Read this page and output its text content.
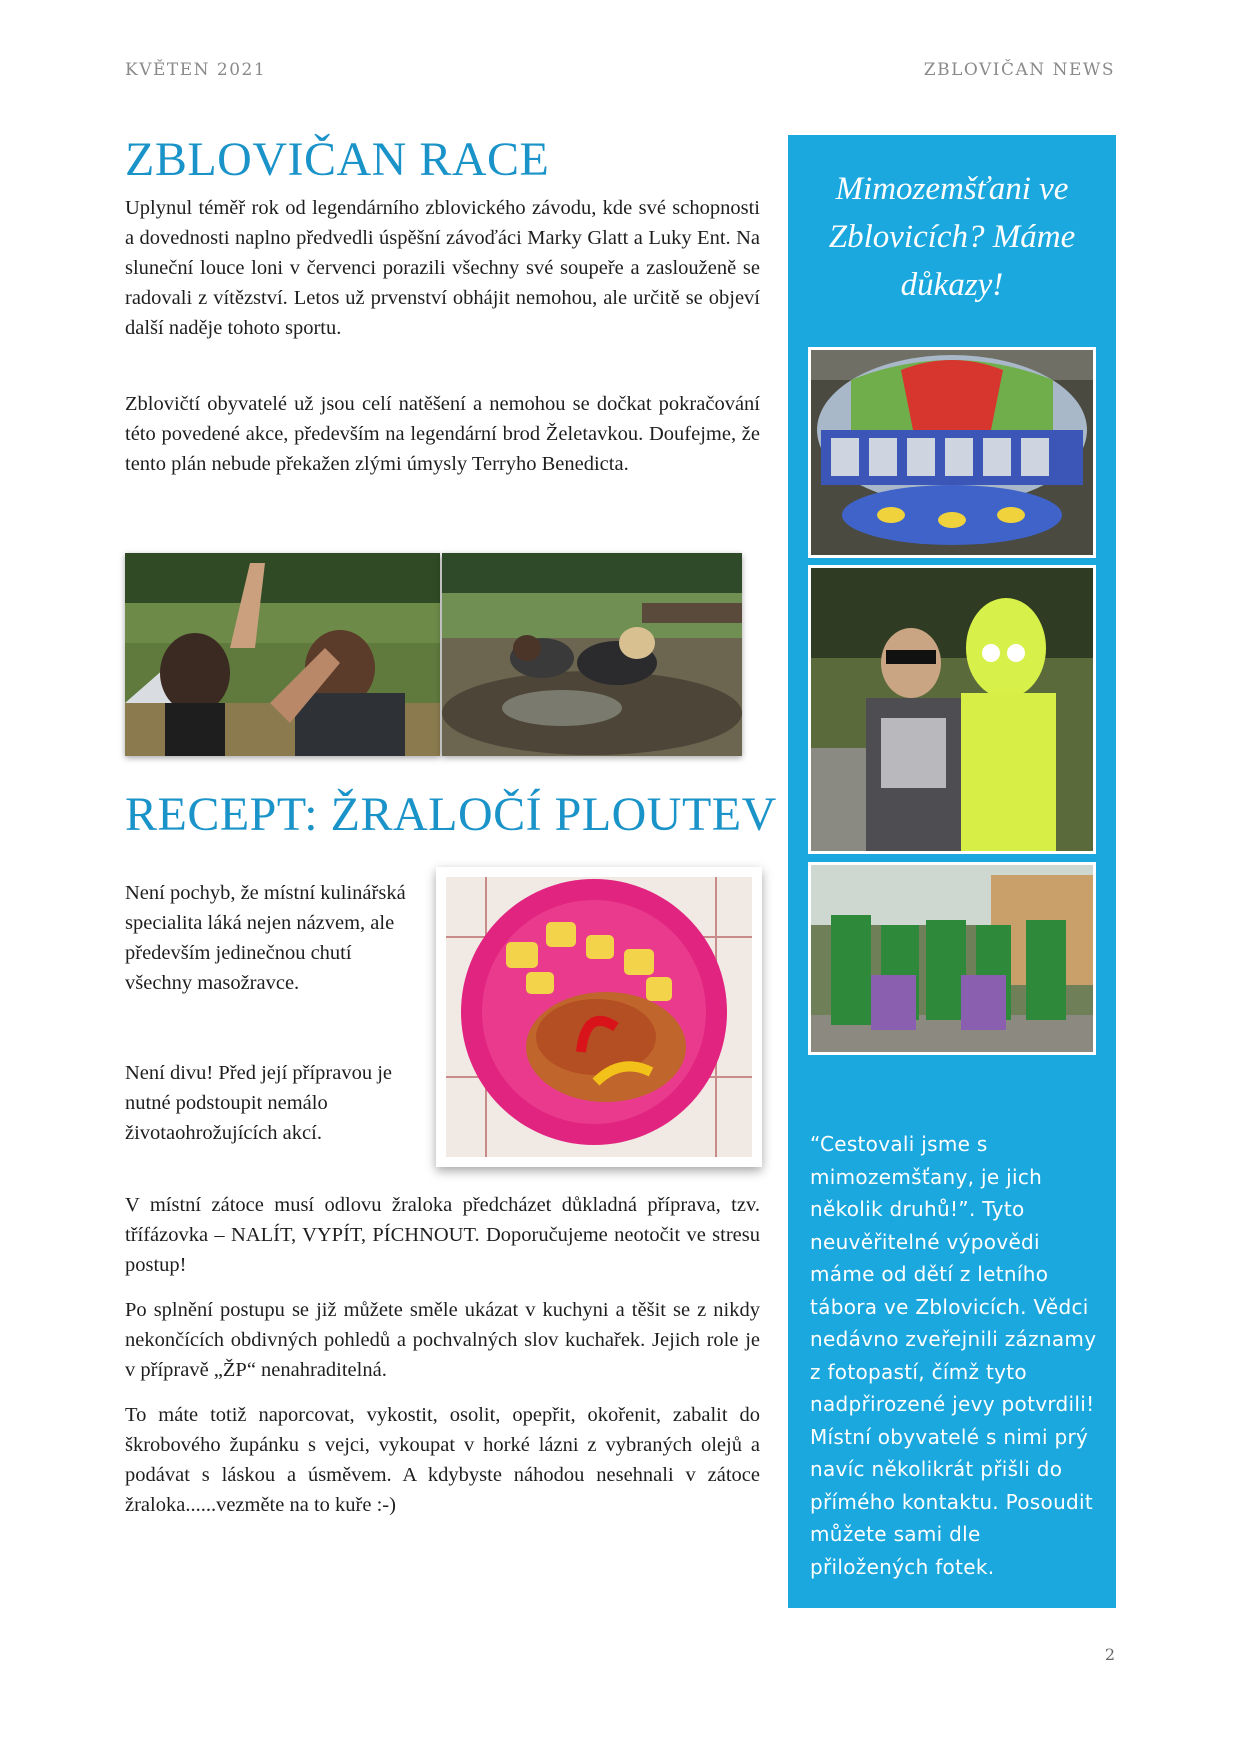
KVĚTEN 2021	ZBLOVIČAN NEWS
ZBLOVIČAN RACE

Uplynul téměř rok od legendárního zblovického závodu, kde své schopnosti a dovednosti naplno předvedli úspěšní závoďáci Marky Glatt a Luky Ent. Na sluneční louce loni v červenci porazili všechny své soupeře a zaslouženě se radovali z vítězství. Letos už prvenství obhájit nemohou, ale určitě se objeví další naděje tohoto sportu.

Zblovičtí obyvatelé už jsou celí natěšení a nemohou se dočkat pokračování této povedené akce, především na legendární brod Želetavkou. Doufejme, že tento plán nebude překažen zlými úmysly Terryho Benedicta.

RECEPT: ŽRALOČÍ PLOUTEV

Není pochyb, že místní kulinářská specialita láká nejen názvem, ale především jedinečnou chutí všechny masožravce.

Není divu! Před její přípravou je nutné podstoupit nemálo životaohrožujících akcí.

V místní zátoce musí odlovu žraloka předcházet důkladná příprava, tzv. třífázovka – NALÍT, VYPÍT, PÍCHNOUT. Doporučujeme neotočit ve stresu postup!

Po splnění postupu se již můžete směle ukázat v kuchyni a těšit se z nikdy nekončících obdivných pohledů a pochvalných slov kuchařek. Jejich role je v přípravě „ŽP“ nenahraditelná.

To máte totiž naporcovat, vykostit, osolit, opepřit, okořenit, zabalit do škrobového župánku s vejci, vykoupat v horké lázni z vybraných olejů a podávat s láskou a úsměvem. A kdybyste náhodou nesehnali v zátoce žraloka......vezměte na to kuře :-)

Mimozemšťani ve Zblovicích? Máme důkazy!

“Cestovali jsme s mimozemšťany, je jich několik druhů!”. Tyto neuvěřitelné výpovědi máme od dětí z letního tábora ve Zblovicích. Vědci nedávno zveřejnili záznamy z fotopastí, čímž tyto nadpřirozené jevy potvrdili! Místní obyvatelé s nimi prý navíc několikrát přišli do přímého kontaktu. Posoudit můžete sami dle přiložených fotek.

2
